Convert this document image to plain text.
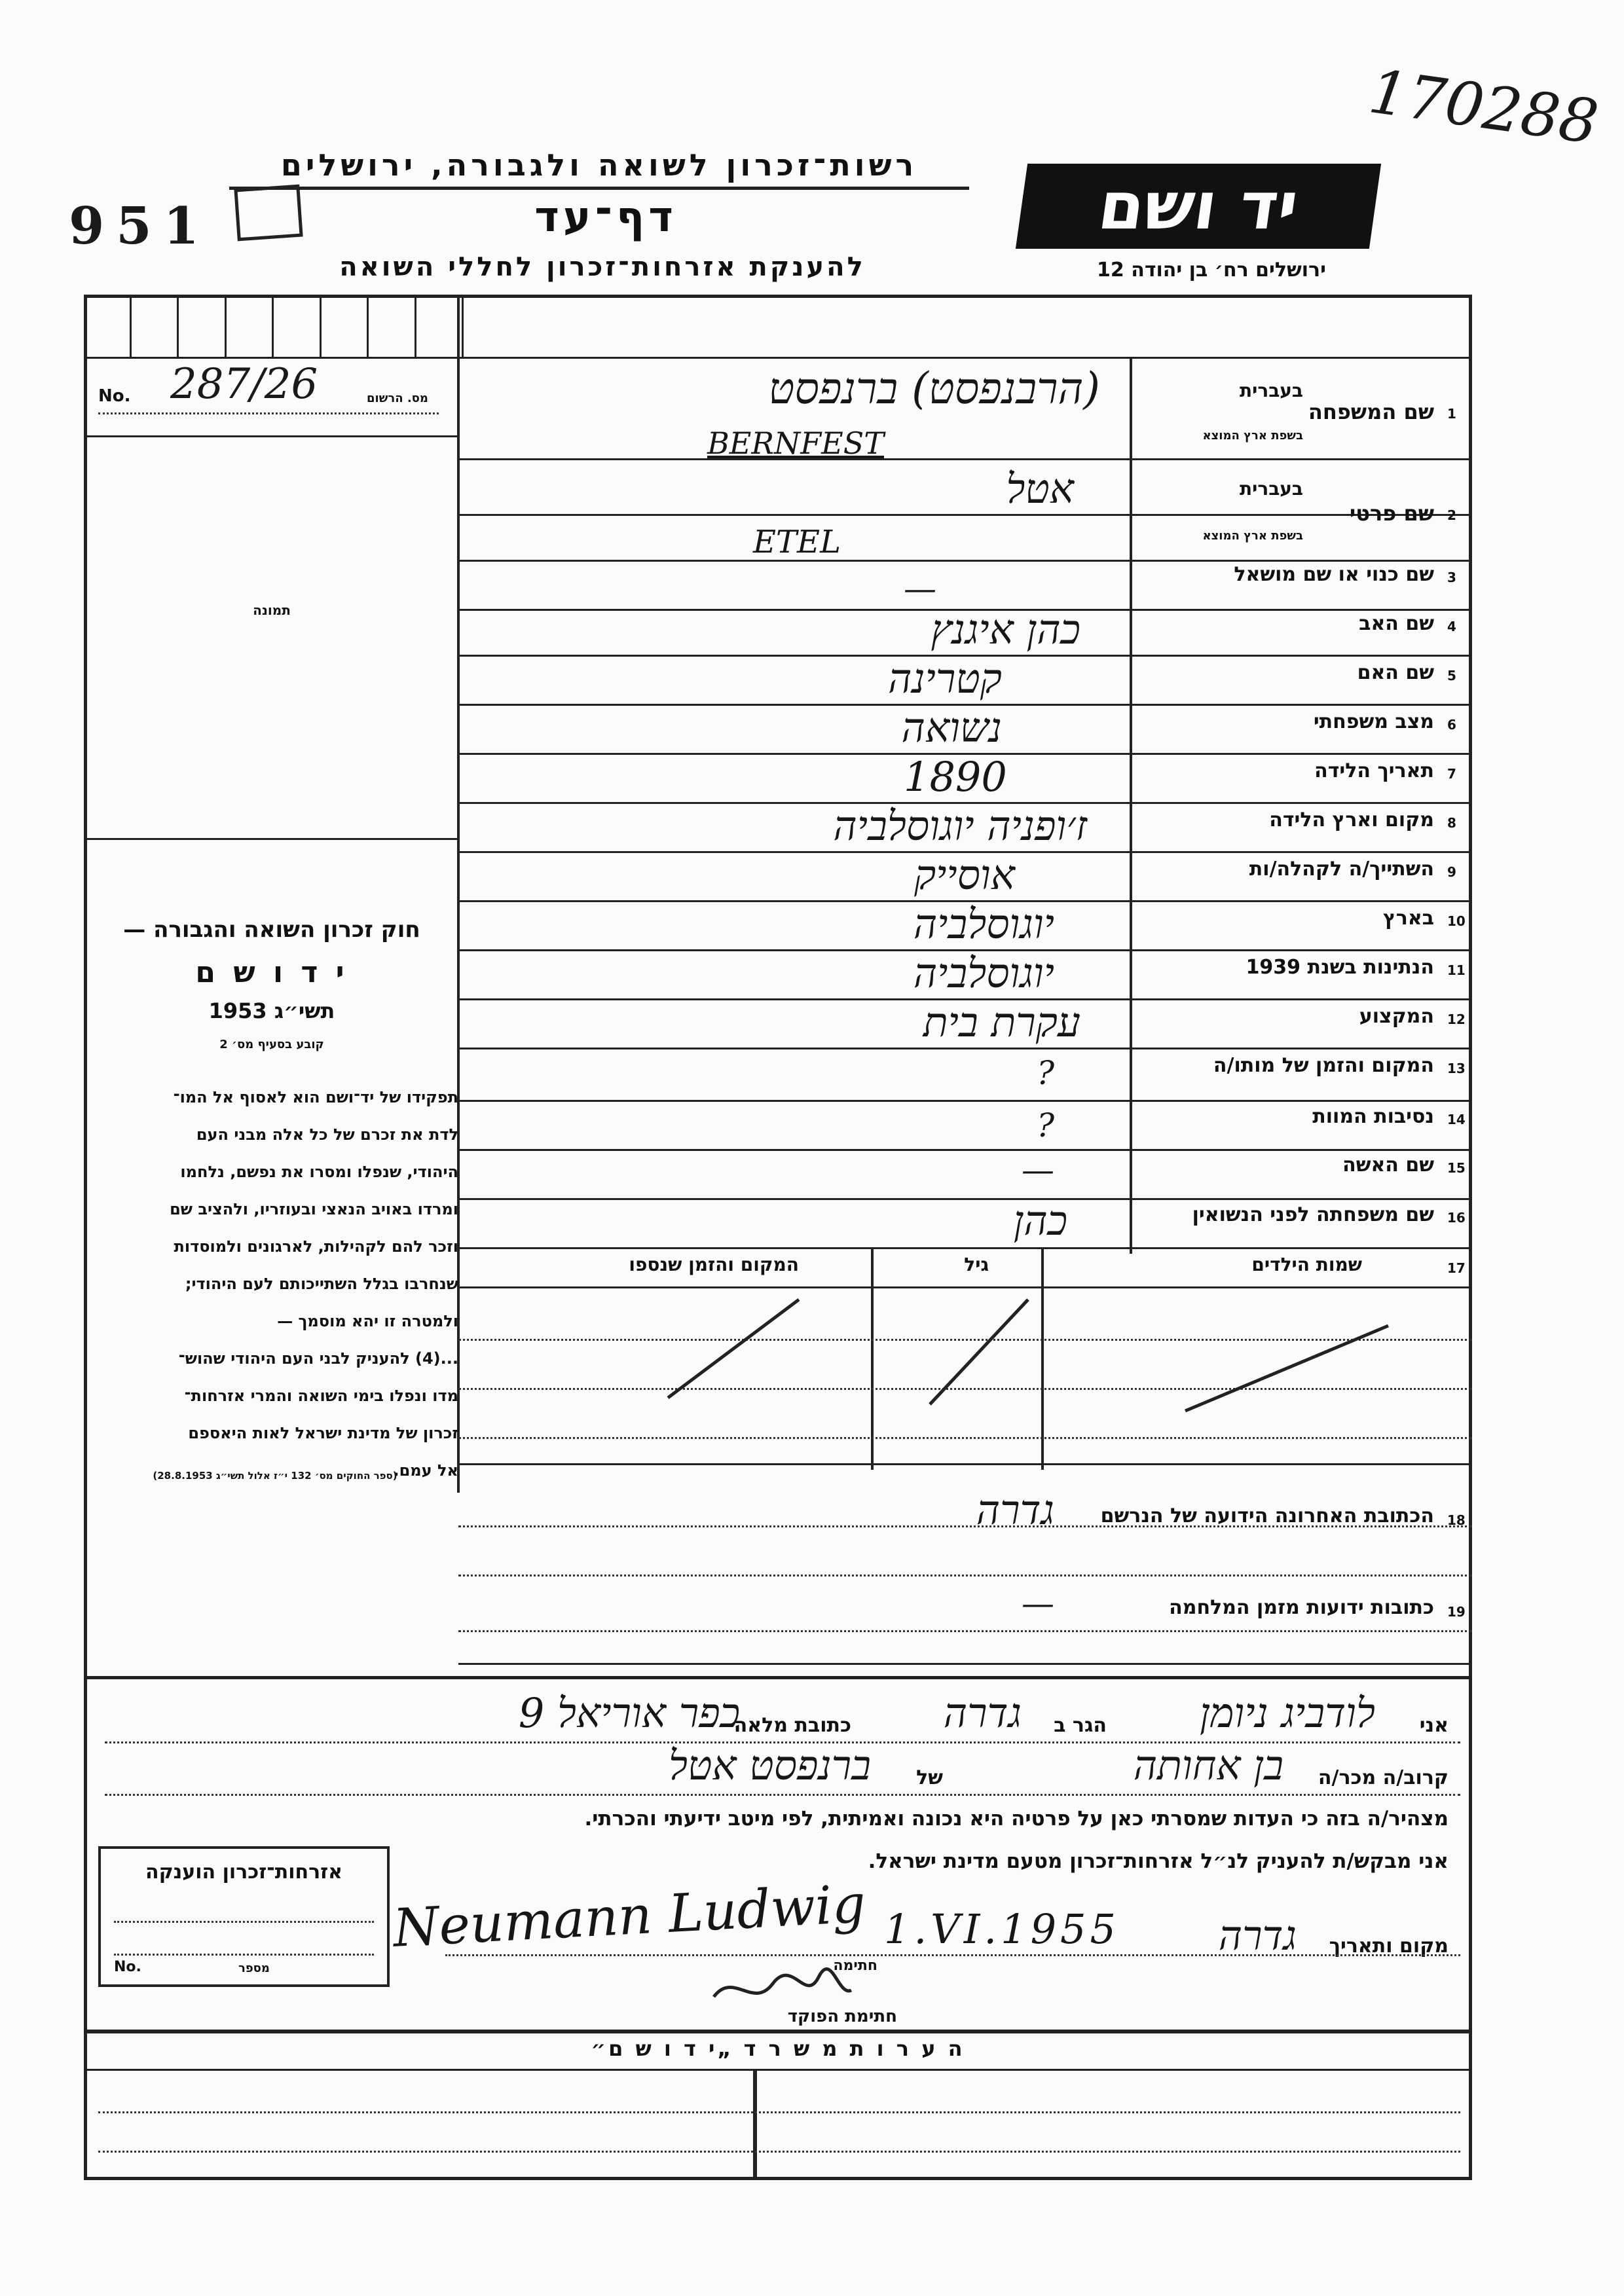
170288
951
רשות־זכרון לשואה ולגבורה, ירושלים
דף־עד
להענקת אזרחות־זכרון לחללי השואה
יד ושם
ירושלים רח׳ בן יהודה 12
No. 287/26	מס. הרשום
תמונה
חוק זכרון השואה והגבורה —
י ד ו ש ם
תשי״ג 1953
קובע בסעיף מס׳ 2
תפקידו של יד־ושם הוא לאסוף אל המו־
לדת את זכרם של כל אלה מבני העם
היהודי, שנפלו ומסרו את נפשם, נלחמו
ומרדו באויב הנאצי ובעוזריו, ולהציב שם
וזכר להם לקהילות, לארגונים ולמוסדות
שנחרבו בגלל השתייכותם לעם היהודי;
ולמטרה זו יהא מוסמך —
...(4) להעניק לבני העם היהודי שהוש־
מדו ונפלו בימי השואה והמרי אזרחות־
זכרון של מדינת ישראל לאות היאספם
אל עמם.
(ספר החוקים מס׳ 132 י״ז אלול תשי״ג 28.8.1953)
1
שם המשפחה
בעברית
בשפת ארץ המוצא
(הרבנפסט) ברנפסט
BERNFEST
2
שם פרטי
בעברית
בשפת ארץ המוצא
אטל
ETEL
3
שם כנוי או שם מושאל
—
4
שם האב
כהן איגנץ
5
שם האם
קטרינה
6
מצב משפחתי
נשואה
7
תאריך הלידה
1890
8
מקום וארץ הלידה
ז׳ופניה יוגוסלביה
9
השתייך/ה לקהלה/ות
אוסייק
10
בארץ
יוגוסלביה
11
הנתינות בשנת 1939
יוגוסלביה
12
המקצוע
עקרת בית
13
המקום והזמן של מותו/ה
?
14
נסיבות המוות
?
15
שם האשה
—
16
שם משפחתה לפני הנשואין
כהן
17
שמות הילדים
גיל
המקום והזמן שנספו
18
הכתובת האחרונה הידועה של הנרשם
גדרה
19
כתובות ידועות מזמן המלחמה
—
אני
לודביג ניומן
הגר ב
גדרה
כתובת מלאה
כפר אוריאל 9
קרוב/ה מכר/ה
בן אחותה
של
ברנפסט אטל
מצהיר/ה בזה כי העדות שמסרתי כאן על פרטיה היא נכונה ואמיתית, לפי מיטב ידיעתי והכרתי.
אני מבקש/ת להעניק לנ״ל אזרחות־זכרון מטעם מדינת ישראל.
מקום ותאריך
גדרה
1.VI.1955
Neumann Ludwig
חתימה
חתימת הפוקד
אזרחות־זכרון הוענקה
No.	מספר
ה ע ר ו ת מ ש ר ד „י ד ו ש ם״
